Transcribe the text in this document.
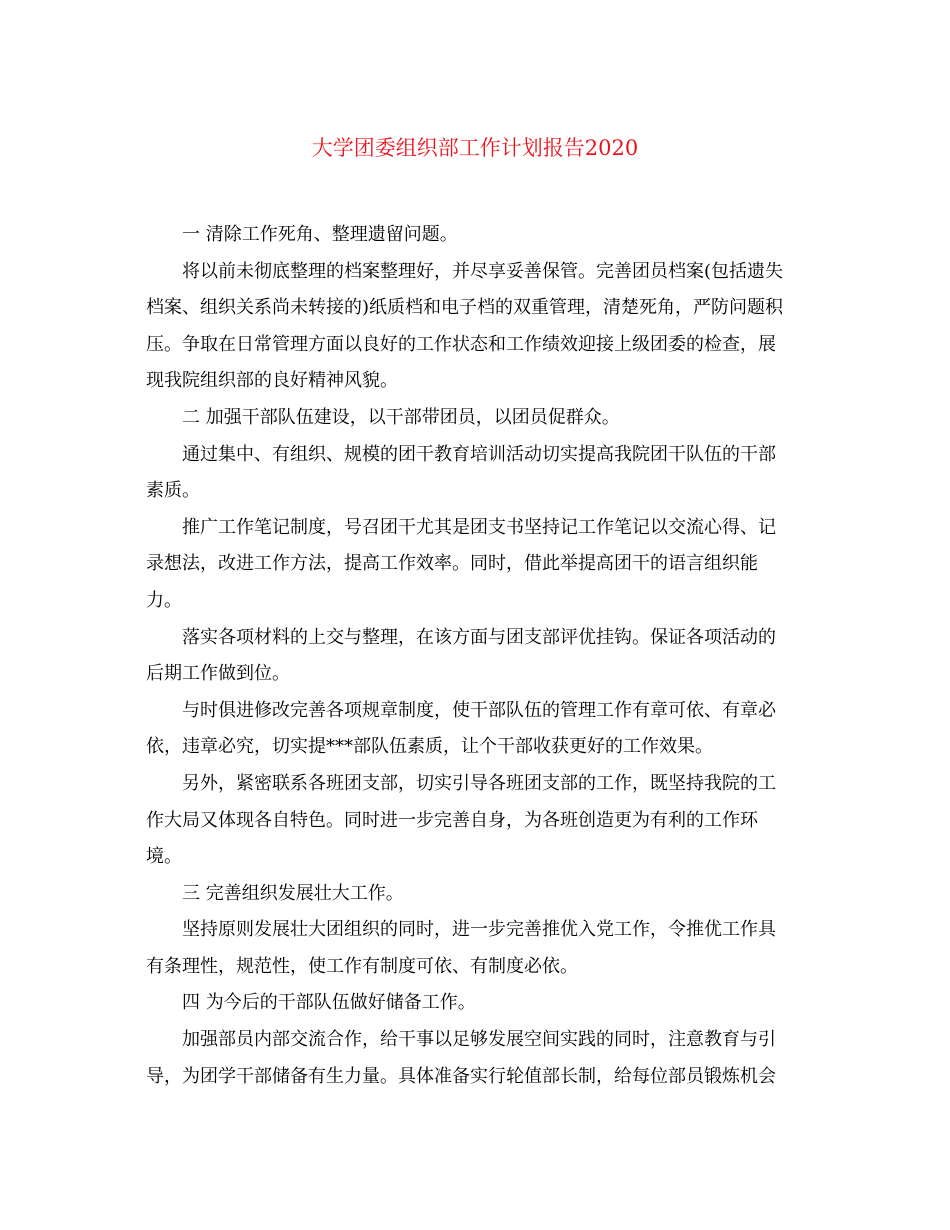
大学团委组织部工作计划报告2020
一 清除工作死角、整理遗留问题。
将以前未彻底整理的档案整理好，并尽享妥善保管。完善团员档案(包括遗失
档案、组织关系尚未转接的)纸质档和电子档的双重管理，清楚死角，严防问题积
压。争取在日常管理方面以良好的工作状态和工作绩效迎接上级团委的检查，展
现我院组织部的良好精神风貌。
二 加强干部队伍建设，以干部带团员，以团员促群众。
通过集中、有组织、规模的团干教育培训活动切实提高我院团干队伍的干部
素质。
推广工作笔记制度，号召团干尤其是团支书坚持记工作笔记以交流心得、记
录想法，改进工作方法，提高工作效率。同时，借此举提高团干的语言组织能
力。
落实各项材料的上交与整理，在该方面与团支部评优挂钩。保证各项活动的
后期工作做到位。
与时俱进修改完善各项规章制度，使干部队伍的管理工作有章可依、有章必
依，违章必究，切实提***部队伍素质，让个干部收获更好的工作效果。
另外，紧密联系各班团支部，切实引导各班团支部的工作，既坚持我院的工
作大局又体现各自特色。同时进一步完善自身，为各班创造更为有利的工作环
境。
三 完善组织发展壮大工作。
坚持原则发展壮大团组织的同时，进一步完善推优入党工作，令推优工作具
有条理性，规范性，使工作有制度可依、有制度必依。
四 为今后的干部队伍做好储备工作。
加强部员内部交流合作，给干事以足够发展空间实践的同时，注意教育与引
导，为团学干部储备有生力量。具体准备实行轮值部长制，给每位部员锻炼机会
